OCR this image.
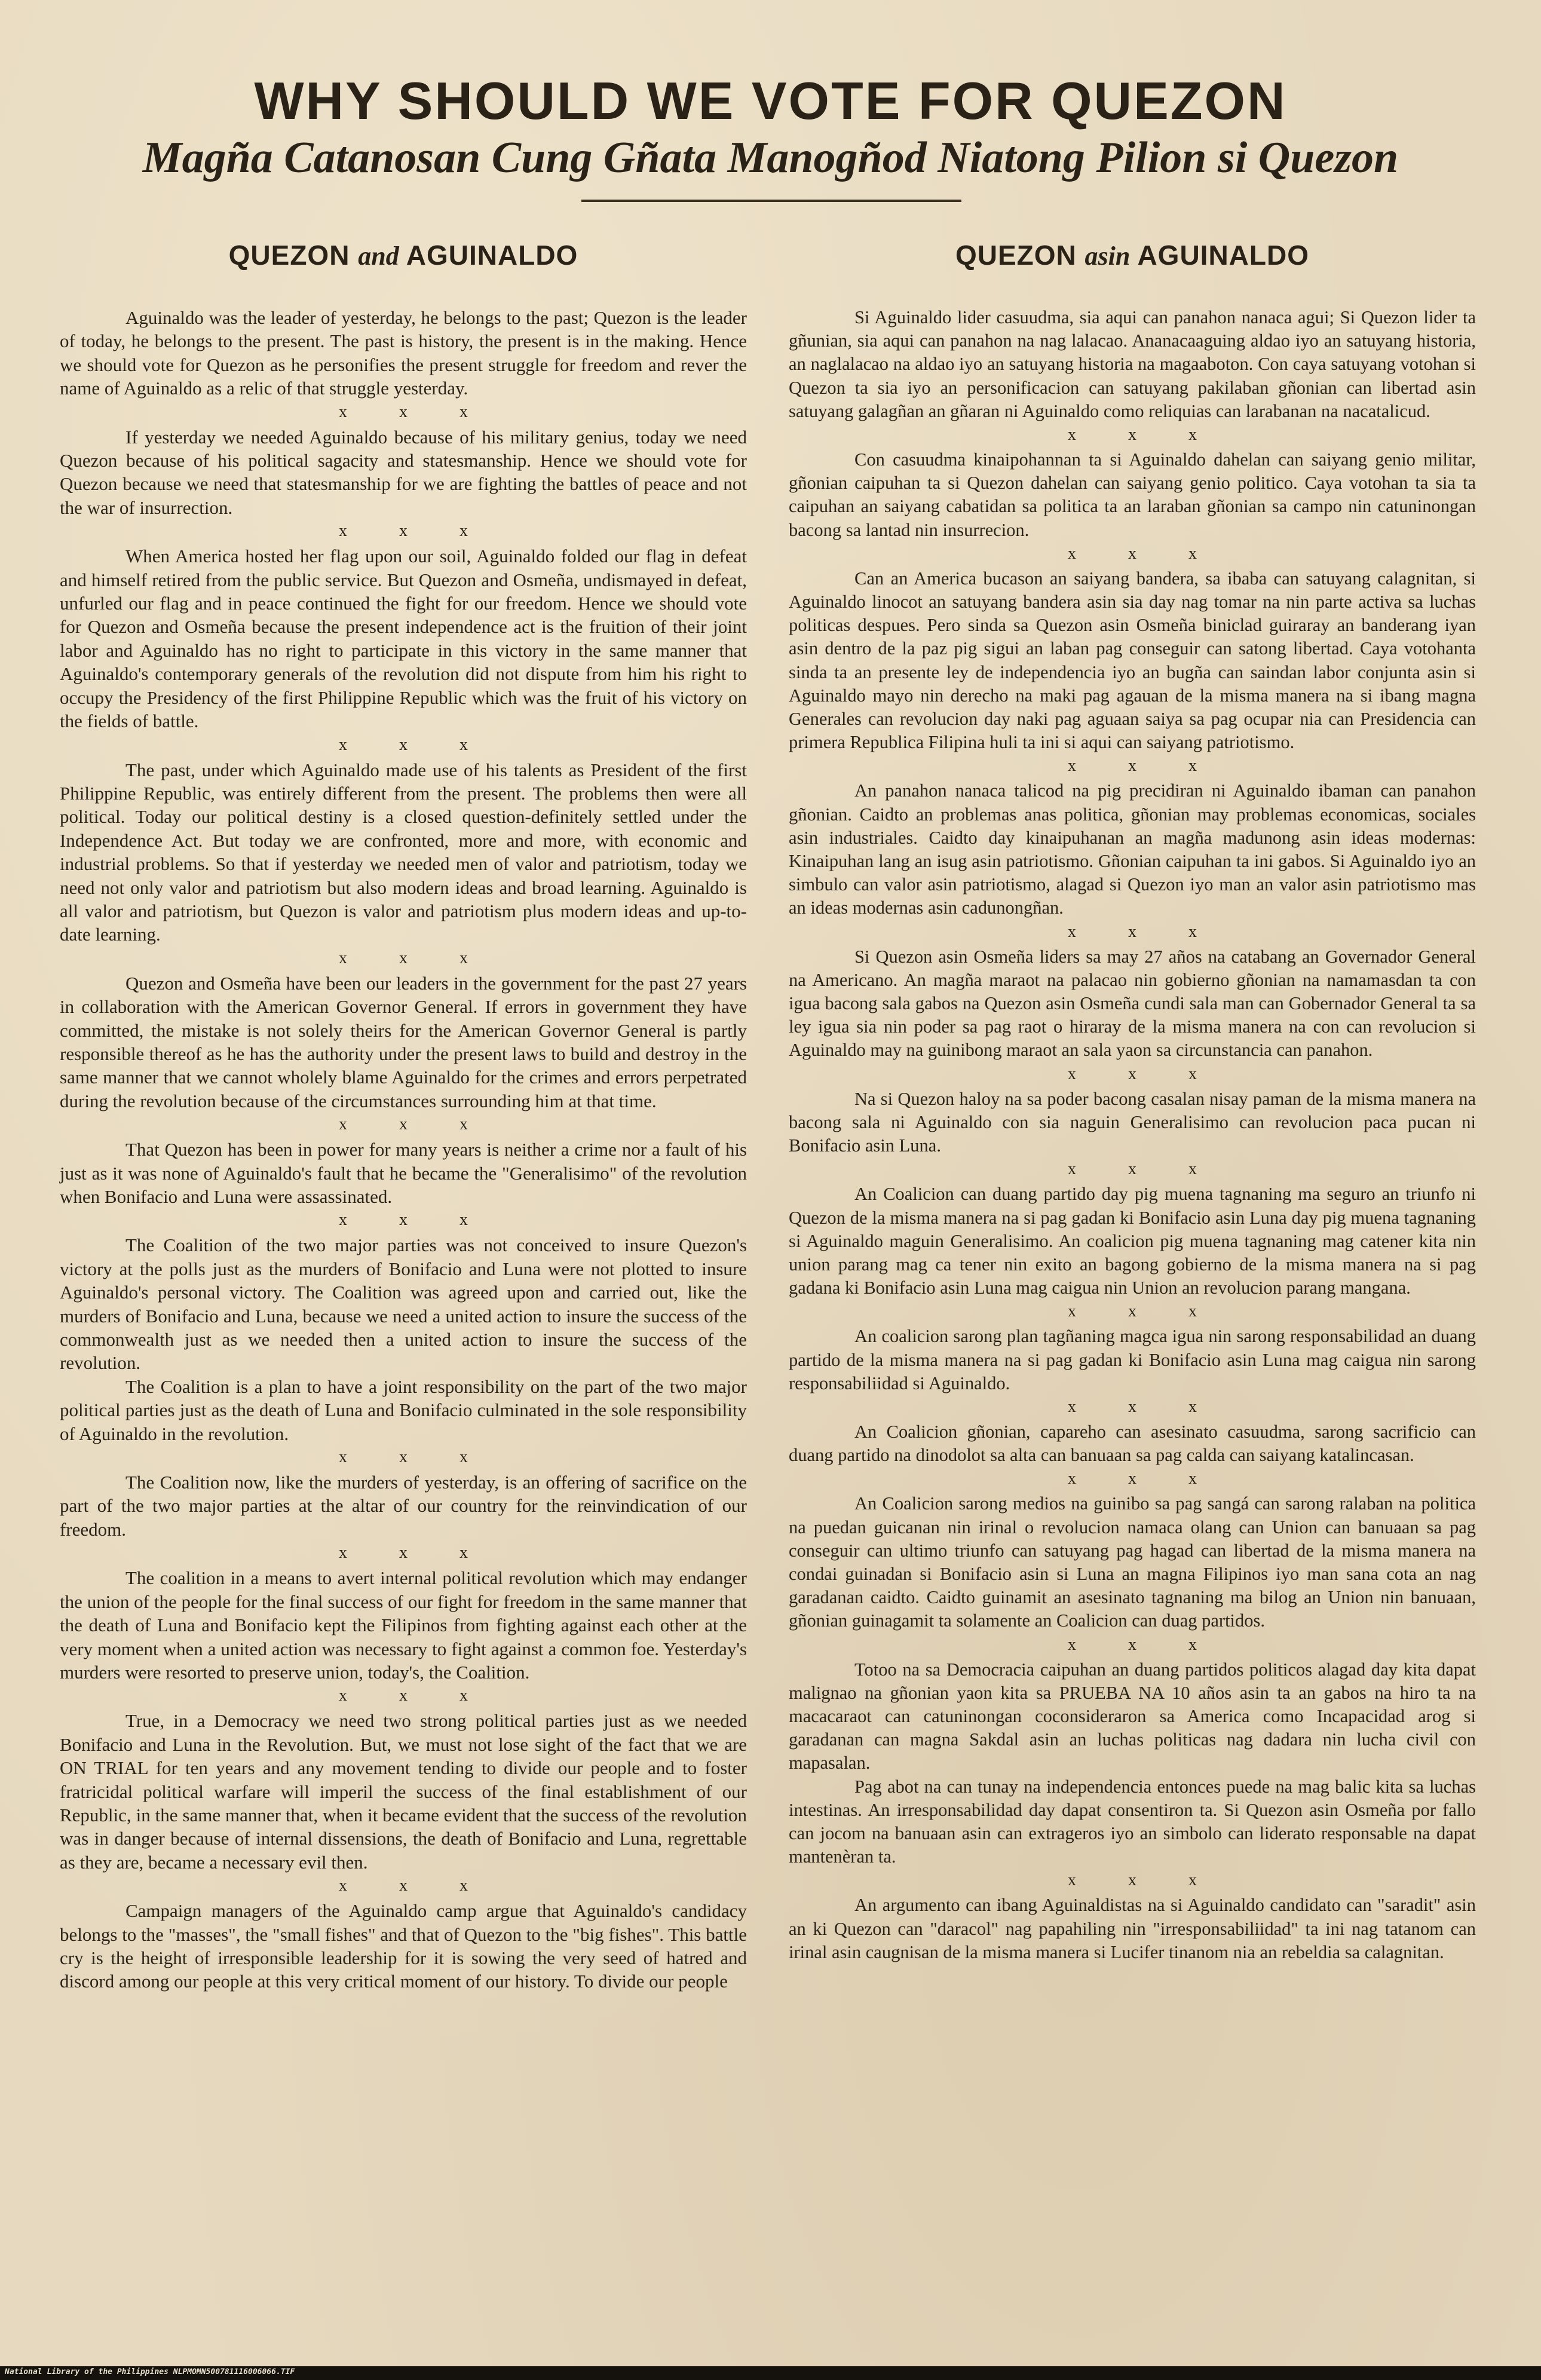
WHY SHOULD WE VOTE FOR QUEZON
Magña Catanosan Cung Gñata Manogñod Niatong Pilion si Quezon
QUEZON and AGUINALDO

Aguinaldo was the leader of yesterday, he belongs to the past; Quezon is the leader of today, he belongs to the present. The past is history, the present is in the making. Hence we should vote for Quezon as he personifies the present struggle for freedom and rever the name of Aguinaldo as a relic of that struggle yesterday.

x x x

If yesterday we needed Aguinaldo because of his military genius, today we need Quezon because of his political sagacity and statesmanship. Hence we should vote for Quezon because we need that statesmanship for we are fighting the battles of peace and not the war of insurrection.

x x x

When America hosted her flag upon our soil, Aguinaldo folded our flag in defeat and himself retired from the public service. But Quezon and Osmeña, undismayed in defeat, unfurled our flag and in peace continued the fight for our freedom. Hence we should vote for Quezon and Osmeña because the present independence act is the fruition of their joint labor and Aguinaldo has no right to participate in this victory in the same manner that Aguinaldo's contemporary generals of the revolution did not dispute from him his right to occupy the Presidency of the first Philippine Republic which was the fruit of his victory on the fields of battle.

x x x

The past, under which Aguinaldo made use of his talents as President of the first Philippine Republic, was entirely different from the present. The problems then were all political. Today our political destiny is a closed question-definitely settled under the Independence Act. But today we are confronted, more and more, with economic and industrial problems. So that if yesterday we needed men of valor and patriotism, today we need not only valor and patriotism but also modern ideas and broad learning. Aguinaldo is all valor and patriotism, but Quezon is valor and patriotism plus modern ideas and up-to-date learning.

x x x

Quezon and Osmeña have been our leaders in the government for the past 27 years in collaboration with the American Governor General. If errors in government they have committed, the mistake is not solely theirs for the American Governor General is partly responsible thereof as he has the authority under the present laws to build and destroy in the same manner that we cannot wholely blame Aguinaldo for the crimes and errors perpetrated during the revolution because of the circumstances surrounding him at that time.

x x x

That Quezon has been in power for many years is neither a crime nor a fault of his just as it was none of Aguinaldo's fault that he became the "Generalisimo" of the revolution when Bonifacio and Luna were assassinated.

x x x

The Coalition of the two major parties was not conceived to insure Quezon's victory at the polls just as the murders of Bonifacio and Luna were not plotted to insure Aguinaldo's personal victory. The Coalition was agreed upon and carried out, like the murders of Bonifacio and Luna, because we need a united action to insure the success of the commonwealth just as we needed then a united action to insure the success of the revolution.

The Coalition is a plan to have a joint responsibility on the part of the two major political parties just as the death of Luna and Bonifacio culminated in the sole responsibility of Aguinaldo in the revolution.

x x x

The Coalition now, like the murders of yesterday, is an offering of sacrifice on the part of the two major parties at the altar of our country for the reinvindication of our freedom.

x x x

The coalition in a means to avert internal political revolution which may endanger the union of the people for the final success of our fight for freedom in the same manner that the death of Luna and Bonifacio kept the Filipinos from fighting against each other at the very moment when a united action was necessary to fight against a common foe. Yesterday's murders were resorted to preserve union, today's, the Coalition.

x x x

True, in a Democracy we need two strong political parties just as we needed Bonifacio and Luna in the Revolution. But, we must not lose sight of the fact that we are ON TRIAL for ten years and any movement tending to divide our people and to foster fratricidal political warfare will imperil the success of the final establishment of our Republic, in the same manner that, when it became evident that the success of the revolution was in danger because of internal dissensions, the death of Bonifacio and Luna, regrettable as they are, became a necessary evil then.

x x x

Campaign managers of the Aguinaldo camp argue that Aguinaldo's candidacy belongs to the "masses", the "small fishes" and that of Quezon to the "big fishes". This battle cry is the height of irresponsible leadership for it is sowing the very seed of hatred and discord among our people at this very critical moment of our history. To divide our people

QUEZON asin AGUINALDO

Si Aguinaldo lider casuudma, sia aqui can panahon nanaca agui; Si Quezon lider ta gñunian, sia aqui can panahon na nag lalacao. Ananacaaguing aldao iyo an satuyang historia, an naglalacao na aldao iyo an satuyang historia na magaaboton. Con caya satuyang votohan si Quezon ta sia iyo an personificacion can satuyang pakilaban gñonian can libertad asin satuyang galagñan an gñaran ni Aguinaldo como reliquias can larabanan na nacatalicud.

x x x

Con casuudma kinaipohannan ta si Aguinaldo dahelan can saiyang genio militar, gñonian caipuhan ta si Quezon dahelan can saiyang genio politico. Caya votohan ta sia ta caipuhan an saiyang cabatidan sa politica ta an laraban gñonian sa campo nin catuninongan bacong sa lantad nin insurrecion.

x x x

Can an America bucason an saiyang bandera, sa ibaba can satuyang calagnitan, si Aguinaldo linocot an satuyang bandera asin sia day nag tomar na nin parte activa sa luchas politicas despues. Pero sinda sa Quezon asin Osmeña biniclad guiraray an banderang iyan asin dentro de la paz pig sigui an laban pag conseguir can satong libertad. Caya votohanta sinda ta an presente ley de independencia iyo an bugña can saindan labor conjunta asin si Aguinaldo mayo nin derecho na maki pag agauan de la misma manera na si ibang magna Generales can revolucion day naki pag aguaan saiya sa pag ocupar nia can Presidencia can primera Republica Filipina huli ta ini si aqui can saiyang patriotismo.

x x x

An panahon nanaca talicod na pig precidiran ni Aguinaldo ibaman can panahon gñonian. Caidto an problemas anas politica, gñonian may problemas economicas, sociales asin industriales. Caidto day kinaipuhanan an magña madunong asin ideas modernas: Kinaipuhan lang an isug asin patriotismo. Gñonian caipuhan ta ini gabos. Si Aguinaldo iyo an simbulo can valor asin patriotismo, alagad si Quezon iyo man an valor asin patriotismo mas an ideas modernas asin cadunongñan.

x x x

Si Quezon asin Osmeña liders sa may 27 años na catabang an Governador General na Americano. An magña maraot na palacao nin gobierno gñonian na namamasdan ta con igua bacong sala gabos na Quezon asin Osmeña cundi sala man can Gobernador General ta sa ley igua sia nin poder sa pag raot o hiraray de la misma manera na con can revolucion si Aguinaldo may na guinibong maraot an sala yaon sa circunstancia can panahon.

x x x

Na si Quezon haloy na sa poder bacong casalan nisay paman de la misma manera na bacong sala ni Aguinaldo con sia naguin Generalisimo can revolucion paca pucan ni Bonifacio asin Luna.

x x x

An Coalicion can duang partido day pig muena tagnaning ma seguro an triunfo ni Quezon de la misma manera na si pag gadan ki Bonifacio asin Luna day pig muena tagnaning si Aguinaldo maguin Generalisimo. An coalicion pig muena tagnaning mag catener kita nin union parang mag ca tener nin exito an bagong gobierno de la misma manera na si pag gadana ki Bonifacio asin Luna mag caigua nin Union an revolucion parang mangana.

x x x

An coalicion sarong plan tagñaning magca igua nin sarong responsabilidad an duang partido de la misma manera na si pag gadan ki Bonifacio asin Luna mag caigua nin sarong responsabiliidad si Aguinaldo.

x x x

An Coalicion gñonian, capareho can asesinato casuudma, sarong sacrificio can duang partido na dinodolot sa alta can banuaan sa pag calda can saiyang katalincasan.

x x x

An Coalicion sarong medios na guinibo sa pag sangá can sarong ralaban na politica na puedan guicanan nin irinal o revolucion namaca olang can Union can banuaan sa pag conseguir can ultimo triunfo can satuyang pag hagad can libertad de la misma manera na condai guinadan si Bonifacio asin si Luna an magna Filipinos iyo man sana cota an nag garadanan caidto. Caidto guinamit an asesinato tagnaning ma bilog an Union nin banuaan, gñonian guinagamit ta solamente an Coalicion can duag partidos.

x x x

Totoo na sa Democracia caipuhan an duang partidos politicos alagad day kita dapat malignao na gñonian yaon kita sa PRUEBA NA 10 años asin ta an gabos na hiro ta na macacaraot can catuninongan coconsideraron sa America como Incapacidad arog si garadanan can magna Sakdal asin an luchas politicas nag dadara nin lucha civil con mapasalan.

Pag abot na can tunay na independencia entonces puede na mag balic kita sa luchas intestinas. An irresponsabilidad day dapat consentiron ta. Si Quezon asin Osmeña por fallo can jocom na banuaan asin can extrageros iyo an simbolo can liderato responsable na dapat mantenèran ta.

x x x

An argumento can ibang Aguinaldistas na si Aguinaldo candidato can "saradit" asin an ki Quezon can "daracol" nag papahiling nin "irresponsabiliidad" ta ini nag tatanom can irinal asin caugnisan de la misma manera si Lucifer tinanom nia an rebeldia sa calagnitan.

National Library of the Philippines NLPMOMN500781116006066.TIF
